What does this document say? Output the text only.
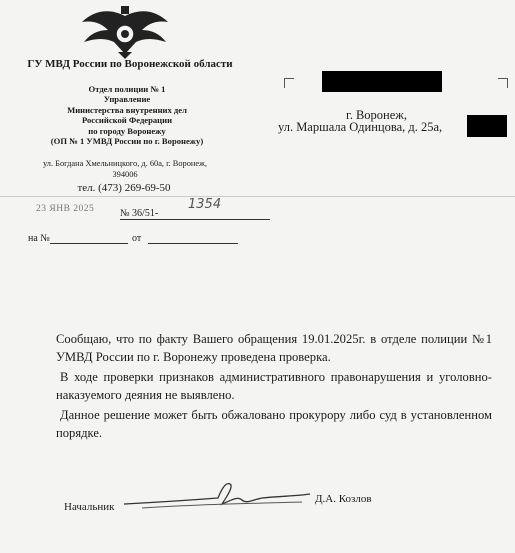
ГУ МВД России по Воронежской области
Отдел полиции № 1
Управление
Министерства внутренних дел
Российской Федерации
по городу Воронежу
(ОП № 1 УМВД России по г. Воронежу)
ул. Богдана Хмельницкого, д. 60а, г. Воронеж,
394006
тел. (473) 269-69-50
23 ЯНВ 2025	№ 36/51-
1354
на №	от
г. Воронеж,
ул. Маршала Одинцова, д. 25а,

Сообщаю, что по факту Вашего обращения 19.01.2025г. в отделе полиции №1 УМВД России по г. Воронежу проведена проверка.

В ходе проверки признаков административного правонарушения и уголовно-наказуемого деяния не выявлено.

Данное решение может быть обжаловано прокурору либо суд в установленном порядке.

Начальник
Д.А. Козлов
